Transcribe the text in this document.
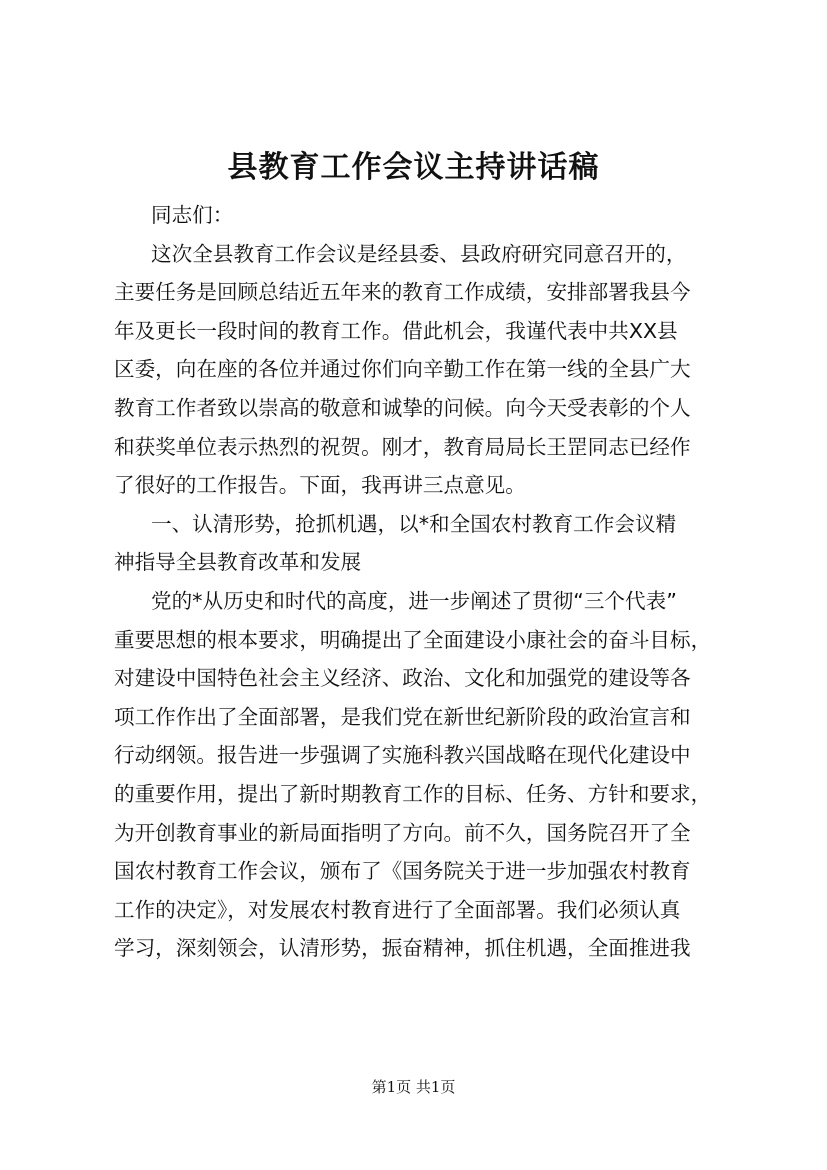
县教育工作会议主持讲话稿
同志们：
这次全县教育工作会议是经县委、县政府研究同意召开的，
主要任务是回顾总结近五年来的教育工作成绩，安排部署我县今
年及更长一段时间的教育工作。借此机会，我谨代表中共XX县
区委，向在座的各位并通过你们向辛勤工作在第一线的全县广大
教育工作者致以崇高的敬意和诚挚的问候。向今天受表彰的个人
和获奖单位表示热烈的祝贺。刚才，教育局局长王罡同志已经作
了很好的工作报告。下面，我再讲三点意见。
一、认清形势，抢抓机遇，以*和全国农村教育工作会议精
神指导全县教育改革和发展
党的*从历史和时代的高度，进一步阐述了贯彻“三个代表”
重要思想的根本要求，明确提出了全面建设小康社会的奋斗目标，
对建设中国特色社会主义经济、政治、文化和加强党的建设等各
项工作作出了全面部署，是我们党在新世纪新阶段的政治宣言和
行动纲领。报告进一步强调了实施科教兴国战略在现代化建设中
的重要作用，提出了新时期教育工作的目标、任务、方针和要求，
为开创教育事业的新局面指明了方向。前不久，国务院召开了全
国农村教育工作会议，颁布了《国务院关于进一步加强农村教育
工作的决定》，对发展农村教育进行了全面部署。我们必须认真
学习，深刻领会，认清形势，振奋精神，抓住机遇，全面推进我
第1页 共1页
